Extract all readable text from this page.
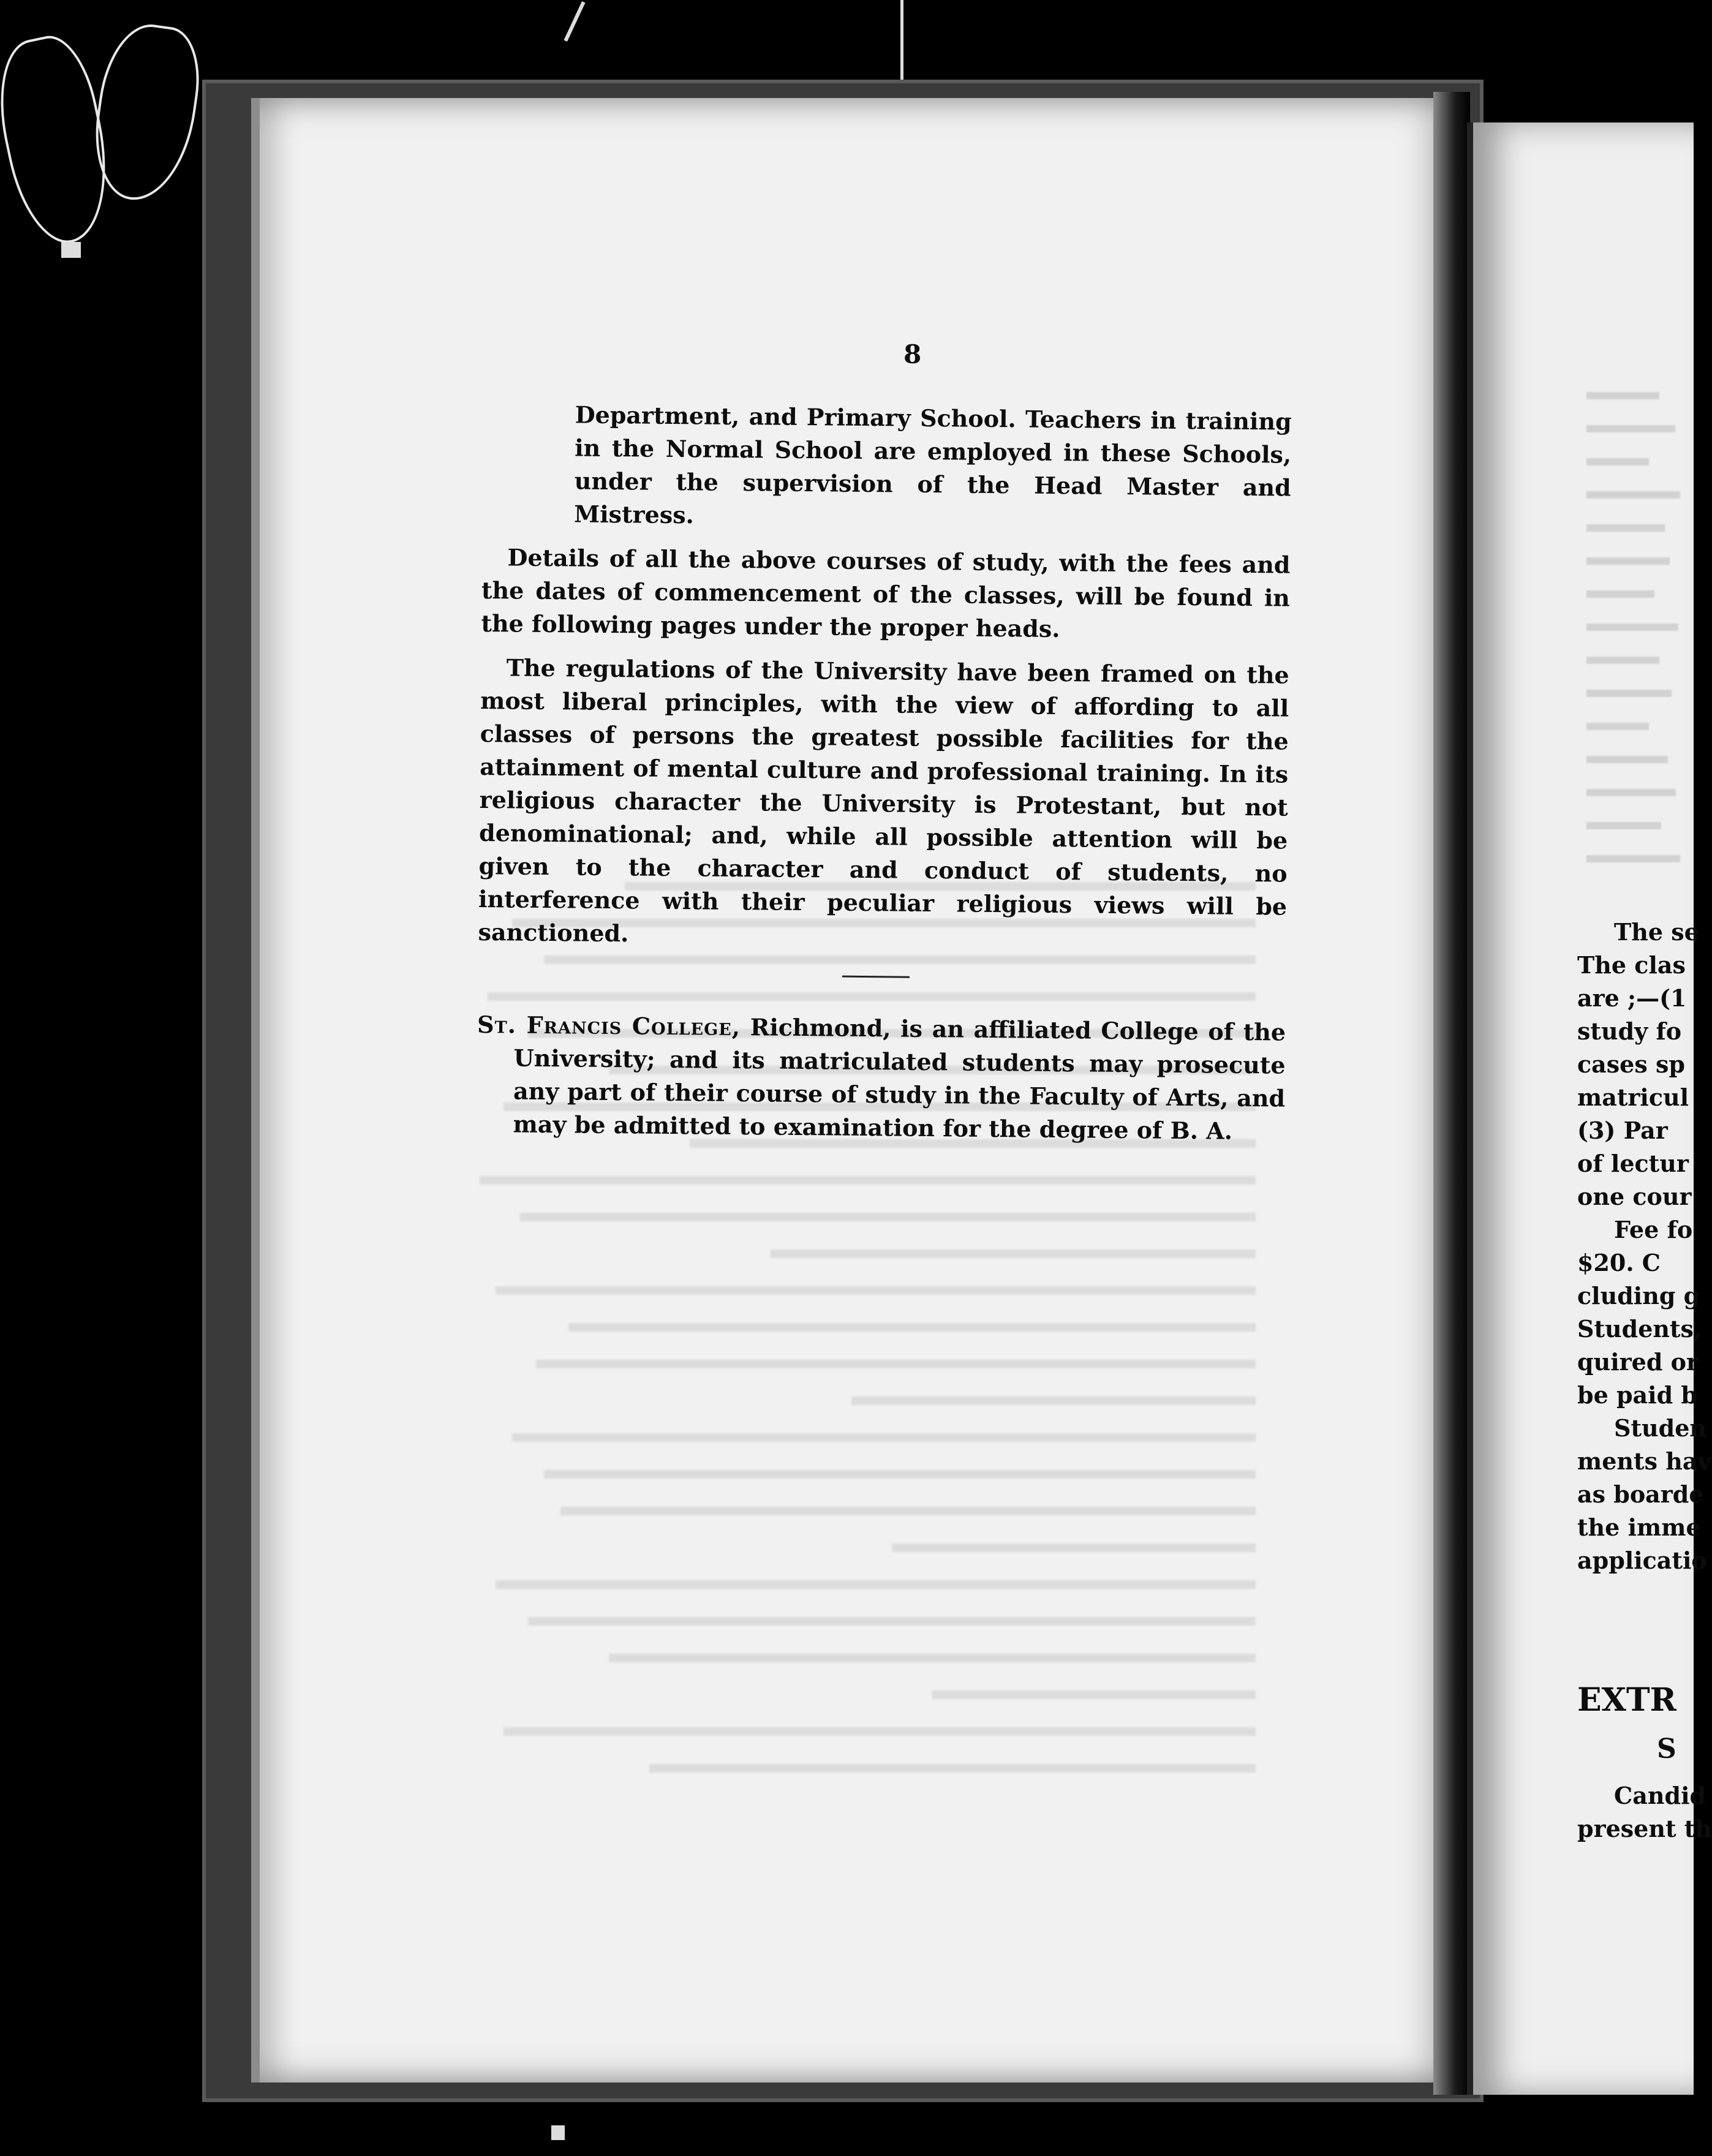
8
Department, and Primary School. Teachers in training in the Normal School are employed in these Schools, under the supervision of the Head Master and Mistress.
Details of all the above courses of study, with the fees and the dates of commencement of the classes, will be found in the following pages under the proper heads.
The regulations of the University have been framed on the most liberal principles, with the view of affording to all classes of persons the greatest possible facilities for the attainment of mental culture and professional training. In its religious character the University is Protestant, but not denominational; and, while all possible attention will be given to the character and conduct of students, no interference with their peculiar religious views will be sanctioned.
St. Francis College, Richmond, is an affiliated College of the University; and its matriculated students may prosecute any part of their course of study in the Faculty of Arts, and may be admitted to examination for the degree of B. A.
The se
The clas
are ;—(1
study fo
cases sp
matricul
(3) Par
of lectur
one cour
Fee fo
$20. C
cluding g
Students,
quired or
be paid b
Studen
ments hav
as boarde
the imme
applicatio
EXTR
S
Candid
present th
